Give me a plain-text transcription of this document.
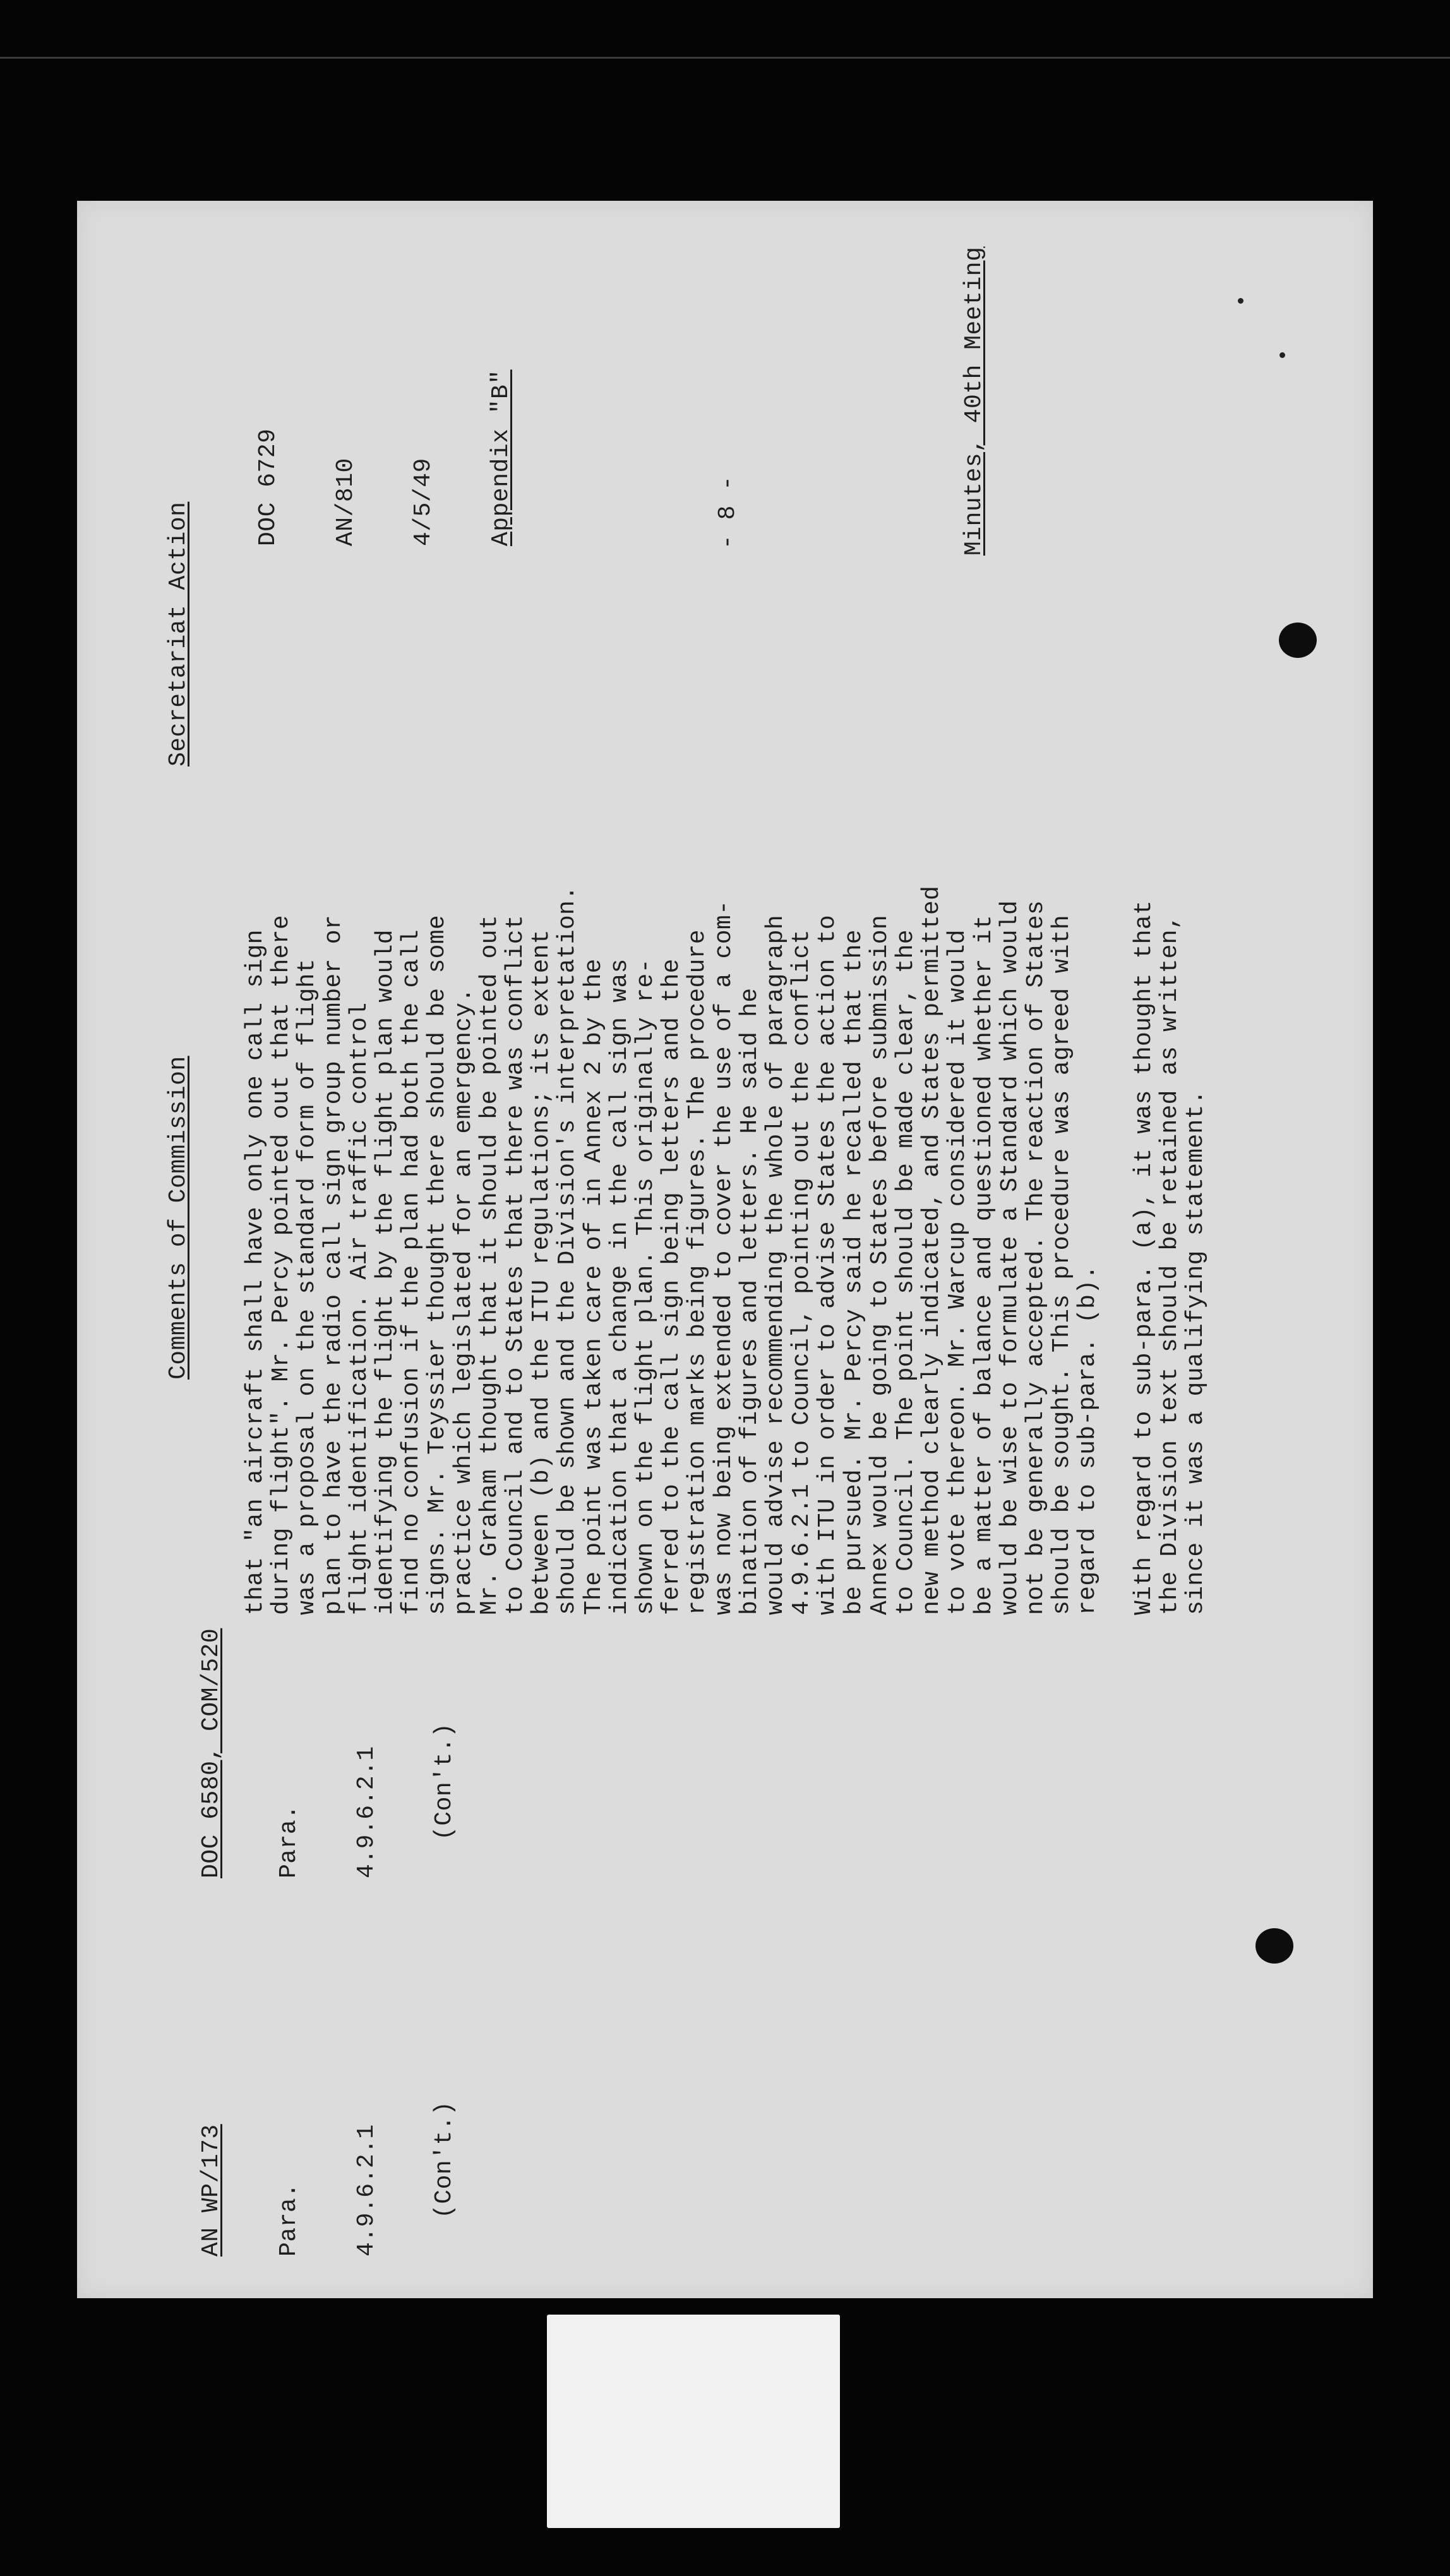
AN WP/173

Para.

4.9.6.2.1

(Con't.)

DOC 6580, COM/520

Para.

4.9.6.2.1

(Con't.)

Comments of Commission
Secretariat Action

DOC 6729

AN/810

4/5/49

Appendix "B"

	- 8 -	Minutes, 40th Meeting
that "an aircraft shall have only one call sign
during flight". Mr. Percy pointed out that there
was a proposal on the standard form of flight
plan to have the radio call sign group number or
flight identification. Air traffic control
identifying the flight by the flight plan would
find no confusion if the plan had both the call
signs. Mr. Teyssier thought there should be some
practice which legislated for an emergency.
Mr. Graham thought that it should be pointed out
to Council and to States that there was conflict
between (b) and the ITU regulations; its extent
should be shown and the Division's interpretation.
The point was taken care of in Annex 2 by the
indication that a change in the call sign was
shown on the flight plan. This originally re-
ferred to the call sign being letters and the
registration marks being figures. The procedure
was now being extended to cover the use of a com-
bination of figures and letters. He said he
would advise recommending the whole of paragraph
4.9.6.2.1 to Council, pointing out the conflict
with ITU in order to advise States the action to
be pursued. Mr. Percy said he recalled that the
Annex would be going to States before submission
to Council. The point should be made clear, the
new method clearly indicated, and States permitted
to vote thereon. Mr. Warcup considered it would
be a matter of balance and questioned whether it
would be wise to formulate a Standard which would
not be generally accepted. The reaction of States
should be sought. This procedure was agreed with
regard to sub-para. (b). With regard to sub-para. (a), it was thought that
the Division text should be retained as written,
since it was a qualifying statement.
